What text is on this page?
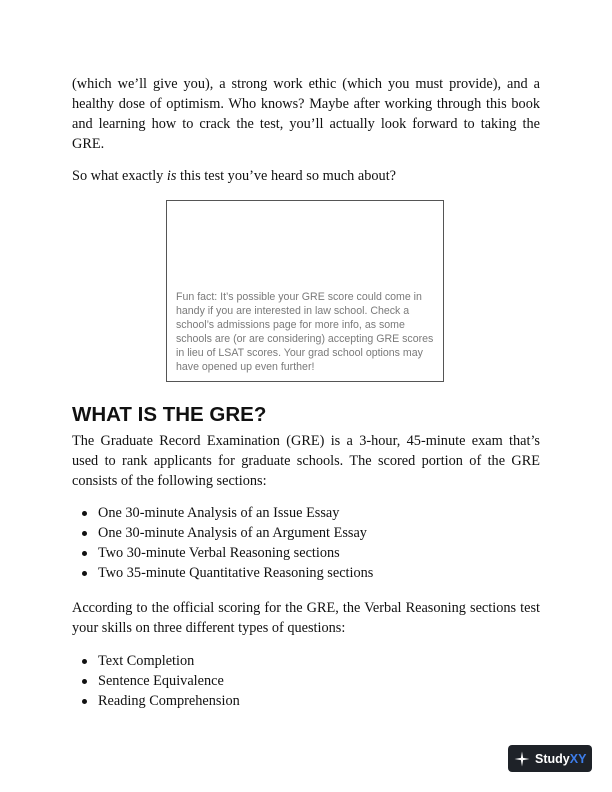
(which we’ll give you), a strong work ethic (which you must provide), and a healthy dose of optimism. Who knows? Maybe after working through this book and learning how to crack the test, you’ll actually look forward to taking the GRE.

So what exactly is this test you’ve heard so much about?

Fun fact: It’s possible your GRE score could come in handy if you are interested in law school. Check a school’s admissions page for more info, as some schools are (or are considering) accepting GRE scores in lieu of LSAT scores. Your grad school options may have opened up even further!

WHAT IS THE GRE?

The Graduate Record Examination (GRE) is a 3-hour, 45-minute exam that’s used to rank applicants for graduate schools. The scored portion of the GRE consists of the following sections:

One 30-minute Analysis of an Issue Essay
One 30-minute Analysis of an Argument Essay
Two 30-minute Verbal Reasoning sections
Two 35-minute Quantitative Reasoning sections

According to the official scoring for the GRE, the Verbal Reasoning sections test your skills on three different types of questions:

Text Completion
Sentence Equivalence
Reading Comprehension
Study XY
